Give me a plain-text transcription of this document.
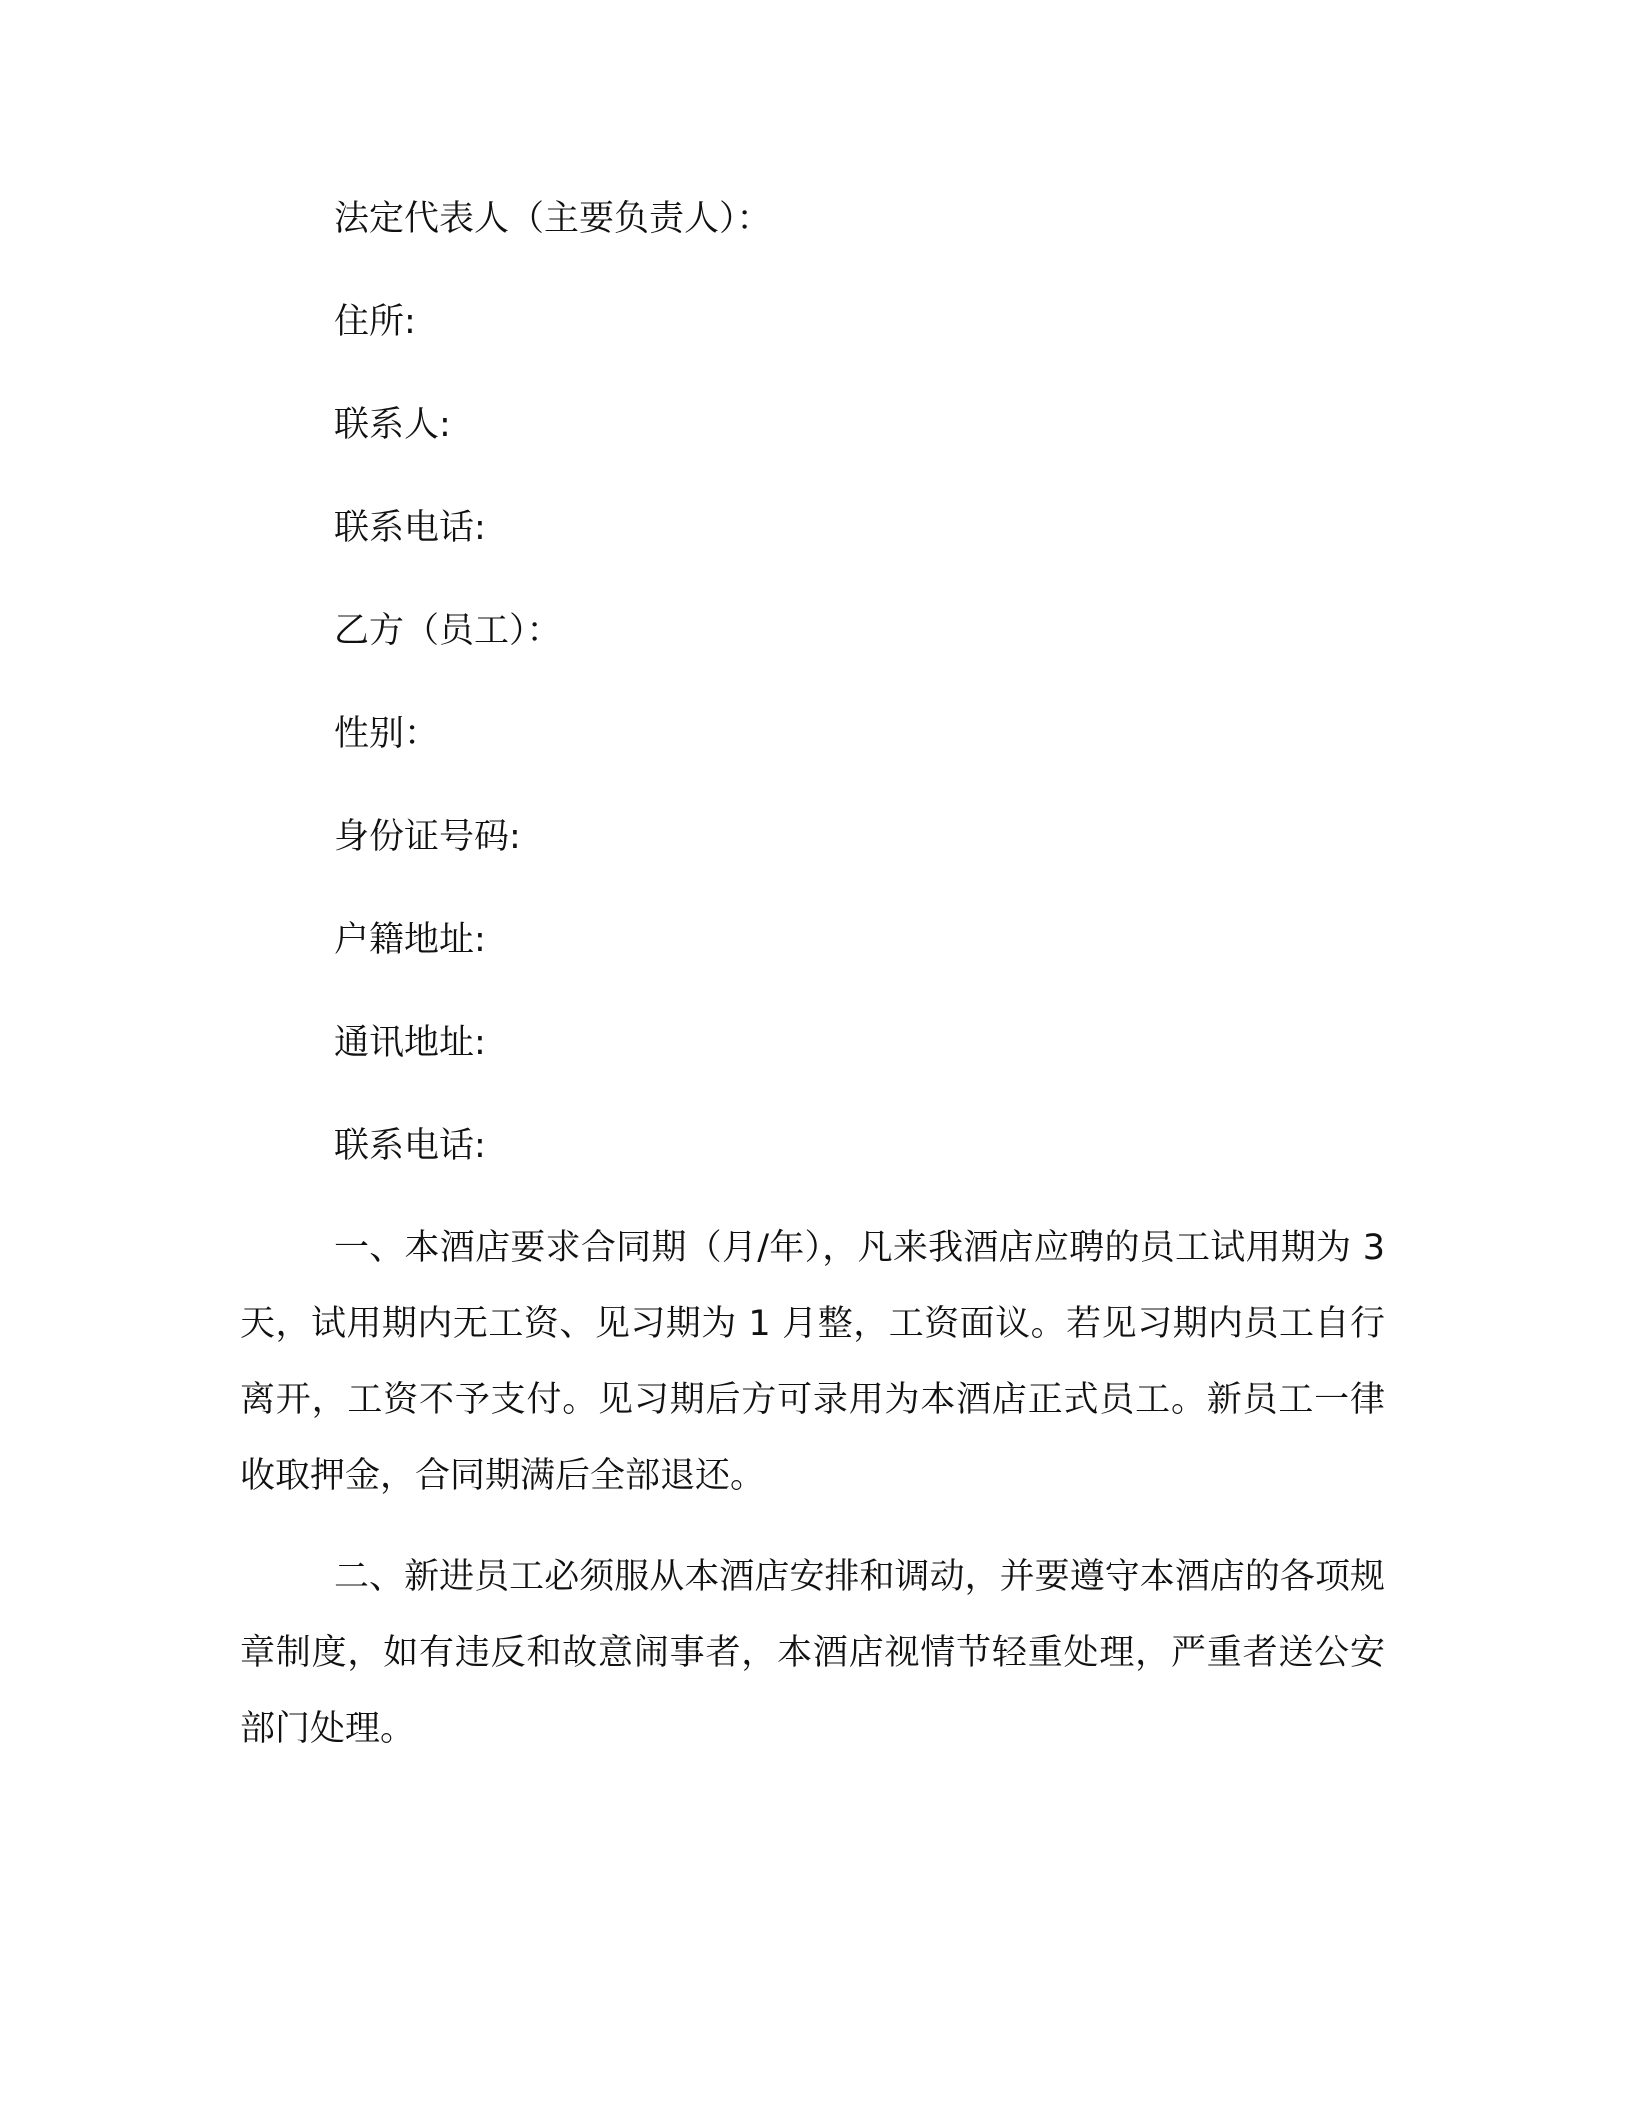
法定代表人（主要负责人）：

住所:

联系人:

联系电话:

乙方（员工）：

性别：

身份证号码:

户籍地址:

通讯地址:

联系电话:

一、本酒店要求合同期（月/年），凡来我酒店应聘的员工试用期为 3 天，试用期内无工资、见习期为 1 月整，工资面议。若见习期内员工自行离开，工资不予支付。见习期后方可录用为本酒店正式员工。新员工一律收取押金，合同期满后全部退还。

二、新进员工必须服从本酒店安排和调动，并要遵守本酒店的各项规章制度，如有违反和故意闹事者，本酒店视情节轻重处理，严重者送公安部门处理。
